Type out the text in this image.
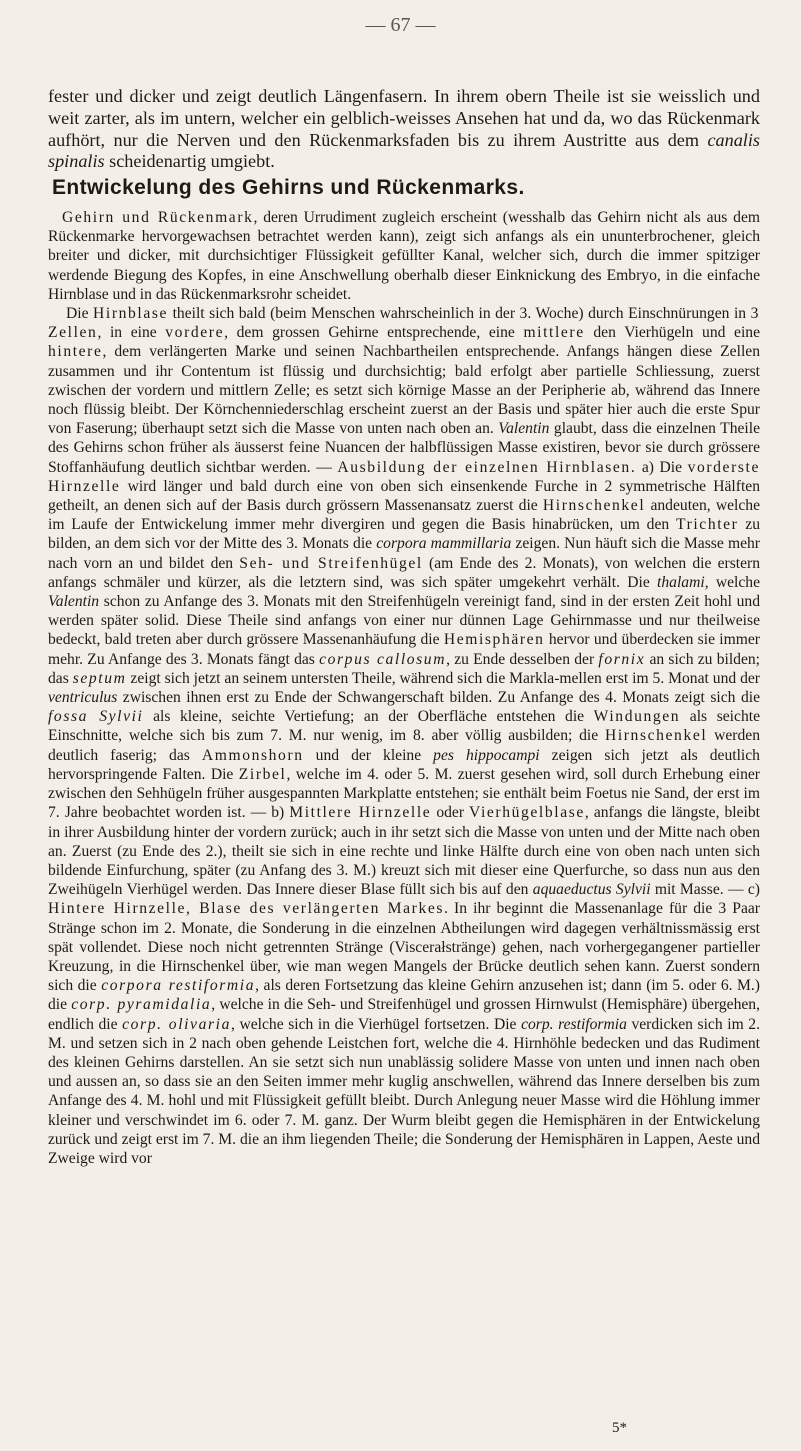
— 67 —
fester und dicker und zeigt deutlich Längenfasern. In ihrem obern Theile ist sie weisslich und weit zarter, als im untern, welcher ein gelblich-weisses Ansehen hat und da, wo das Rückenmark aufhört, nur die Nerven und den Rückenmarksfaden bis zu ihrem Austritte aus dem canalis spinalis scheidenartig umgiebt.
Entwickelung des Gehirns und Rückenmarks.

Gehirn und Rückenmark, deren Urrudiment zugleich erscheint (wesshalb das Gehirn nicht als aus dem Rückenmarke hervorgewachsen betrachtet werden kann), zeigt sich anfangs als ein ununterbrochener, gleich breiter und dicker, mit durchsichtiger Flüssigkeit gefüllter Kanal, welcher sich, durch die immer spitziger werdende Biegung des Kopfes, in eine Anschwellung oberhalb dieser Einknickung des Embryo, in die einfache Hirnblase und in das Rückenmarksrohr scheidet.

Die Hirnblase theilt sich bald (beim Menschen wahrscheinlich in der 3. Woche) durch Einschnürungen in 3 Zellen, in eine vordere, dem grossen Gehirne entsprechende, eine mittlere den Vierhügeln und eine hintere, dem verlängerten Marke und seinen Nachbartheilen entsprechende. Anfangs hängen diese Zellen zusammen und ihr Contentum ist flüssig und durchsichtig; bald erfolgt aber partielle Schliessung, zuerst zwischen der vordern und mittlern Zelle; es setzt sich körnige Masse an der Peripherie ab, während das Innere noch flüssig bleibt. Der Körnchenniederschlag erscheint zuerst an der Basis und später hier auch die erste Spur von Faserung; überhaupt setzt sich die Masse von unten nach oben an. Valentin glaubt, dass die einzelnen Theile des Gehirns schon früher als äusserst feine Nuancen der halbflüssigen Masse existiren, bevor sie durch grössere Stoffanhäufung deutlich sichtbar werden. — Ausbildung der einzelnen Hirnblasen. a) Die vorderste Hirnzelle wird länger und bald durch eine von oben sich einsenkende Furche in 2 symmetrische Hälften getheilt, an denen sich auf der Basis durch grössern Massenansatz zuerst die Hirnschenkel andeuten, welche im Laufe der Entwickelung immer mehr divergiren und gegen die Basis hinabrücken, um den Trichter zu bilden, an dem sich vor der Mitte des 3. Monats die corpora mammillaria zeigen. Nun häuft sich die Masse mehr nach vorn an und bildet den Seh- und Streifenhügel (am Ende des 2. Monats), von welchen die erstern anfangs schmäler und kürzer, als die letztern sind, was sich später umgekehrt verhält. Die thalami, welche Valentin schon zu Anfange des 3. Monats mit den Streifenhügeln vereinigt fand, sind in der ersten Zeit hohl und werden später solid. Diese Theile sind anfangs von einer nur dünnen Lage Gehirnmasse und nur theilweise bedeckt, bald treten aber durch grössere Massenanhäufung die Hemisphären hervor und überdecken sie immer mehr. Zu Anfange des 3. Monats fängt das corpus callosum, zu Ende desselben der fornix an sich zu bilden; das septum zeigt sich jetzt an seinem untersten Theile, während sich die Markla-mellen erst im 5. Monat und der ventriculus zwischen ihnen erst zu Ende der Schwangerschaft bilden. Zu Anfange des 4. Monats zeigt sich die fossa Sylvii als kleine, seichte Vertiefung; an der Oberfläche entstehen die Windungen als seichte Einschnitte, welche sich bis zum 7. M. nur wenig, im 8. aber völlig ausbilden; die Hirnschenkel werden deutlich faserig; das Ammonshorn und der kleine pes hippocampi zeigen sich jetzt als deutlich hervorspringende Falten. Die Zirbel, welche im 4. oder 5. M. zuerst gesehen wird, soll durch Erhebung einer zwischen den Sehhügeln früher ausgespannten Markplatte entstehen; sie enthält beim Foetus nie Sand, der erst im 7. Jahre beobachtet worden ist. — b) Mittlere Hirnzelle oder Vierhügelblase, anfangs die längste, bleibt in ihrer Ausbildung hinter der vordern zurück; auch in ihr setzt sich die Masse von unten und der Mitte nach oben an. Zuerst (zu Ende des 2.), theilt sie sich in eine rechte und linke Hälfte durch eine von oben nach unten sich bildende Einfurchung, später (zu Anfang des 3. M.) kreuzt sich mit dieser eine Querfurche, so dass nun aus den Zweihügeln Vierhügel werden. Das Innere dieser Blase füllt sich bis auf den aquaeductus Sylvii mit Masse. — c) Hintere Hirnzelle, Blase des verlängerten Markes. In ihr beginnt die Massenanlage für die 3 Paar Stränge schon im 2. Monate, die Sonderung in die einzelnen Abtheilungen wird dagegen verhältnissmässig erst spät vollendet. Diese noch nicht getrennten Stränge (Viscerałstränge) gehen, nach vorhergegangener partieller Kreuzung, in die Hirnschenkel über, wie man wegen Mangels der Brücke deutlich sehen kann. Zuerst sondern sich die corpora restiformia, als deren Fortsetzung das kleine Gehirn anzusehen ist; dann (im 5. oder 6. M.) die corp. pyramidalia, welche in die Seh- und Streifenhügel und grossen Hirnwulst (Hemisphäre) übergehen, endlich die corp. olivaria, welche sich in die Vierhügel fortsetzen. Die corp. restiformia verdicken sich im 2. M. und setzen sich in 2 nach oben gehende Leistchen fort, welche die 4. Hirnhöhle bedecken und das Rudiment des kleinen Gehirns darstellen. An sie setzt sich nun unablässig solidere Masse von unten und innen nach oben und aussen an, so dass sie an den Seiten immer mehr kuglig anschwellen, während das Innere derselben bis zum Anfange des 4. M. hohl und mit Flüssigkeit gefüllt bleibt. Durch Anlegung neuer Masse wird die Höhlung immer kleiner und verschwindet im 6. oder 7. M. ganz. Der Wurm bleibt gegen die Hemisphären in der Entwickelung zurück und zeigt erst im 7. M. die an ihm liegenden Theile; die Sonderung der Hemisphären in Lappen, Aeste und Zweige wird vor

5*
